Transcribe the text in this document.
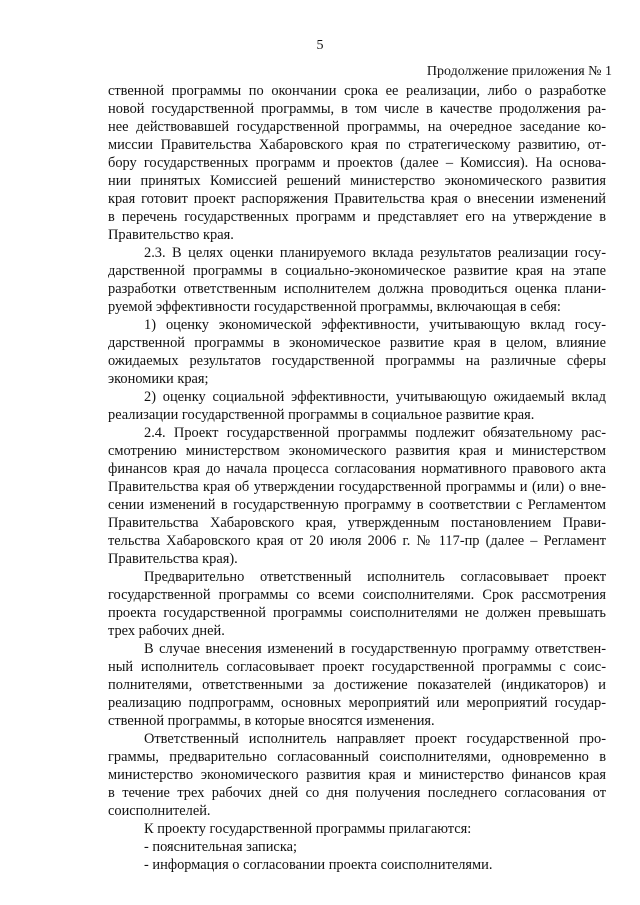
5
Продолжение приложения № 1
ственной программы по окончании срока ее реализации, либо о разработке
новой государственной программы, в том числе в качестве продолжения ра-
нее действовавшей государственной программы, на очередное заседание ко-
миссии Правительства Хабаровского края по стратегическому развитию, от-
бору государственных программ и проектов (далее – Комиссия). На основа-
нии принятых Комиссией решений министерство экономического развития
края готовит проект распоряжения Правительства края о внесении изменений
в перечень государственных программ и представляет его на утверждение в
Правительство края.
2.3. В целях оценки планируемого вклада результатов реализации госу-
дарственной программы в социально-экономическое развитие края на этапе
разработки ответственным исполнителем должна проводиться оценка плани-
руемой эффективности государственной программы, включающая в себя:
1) оценку экономической эффективности, учитывающую вклад госу-
дарственной программы в экономическое развитие края в целом, влияние
ожидаемых результатов государственной программы на различные сферы
экономики края;
2) оценку социальной эффективности, учитывающую ожидаемый вклад
реализации государственной программы в социальное развитие края.
2.4. Проект государственной программы подлежит обязательному рас-
смотрению министерством экономического развития края и министерством
финансов края до начала процесса согласования нормативного правового акта
Правительства края об утверждении государственной программы и (или) о вне-
сении изменений в государственную программу в соответствии с Регламентом
Правительства Хабаровского края, утвержденным постановлением Прави-
тельства Хабаровского края от 20 июля 2006 г. № 117-пр (далее – Регламент
Правительства края).
Предварительно ответственный исполнитель согласовывает проект
государственной программы со всеми соисполнителями. Срок рассмотрения
проекта государственной программы соисполнителями не должен превышать
трех рабочих дней.
В случае внесения изменений в государственную программу ответствен-
ный исполнитель согласовывает проект государственной программы с соис-
полнителями, ответственными за достижение показателей (индикаторов) и
реализацию подпрограмм, основных мероприятий или мероприятий государ-
ственной программы, в которые вносятся изменения.
Ответственный исполнитель направляет проект государственной про-
граммы, предварительно согласованный соисполнителями, одновременно в
министерство экономического развития края и министерство финансов края
в течение трех рабочих дней со дня получения последнего согласования от
соисполнителей.
К проекту государственной программы прилагаются:
- пояснительная записка;
- информация о согласовании проекта соисполнителями.
